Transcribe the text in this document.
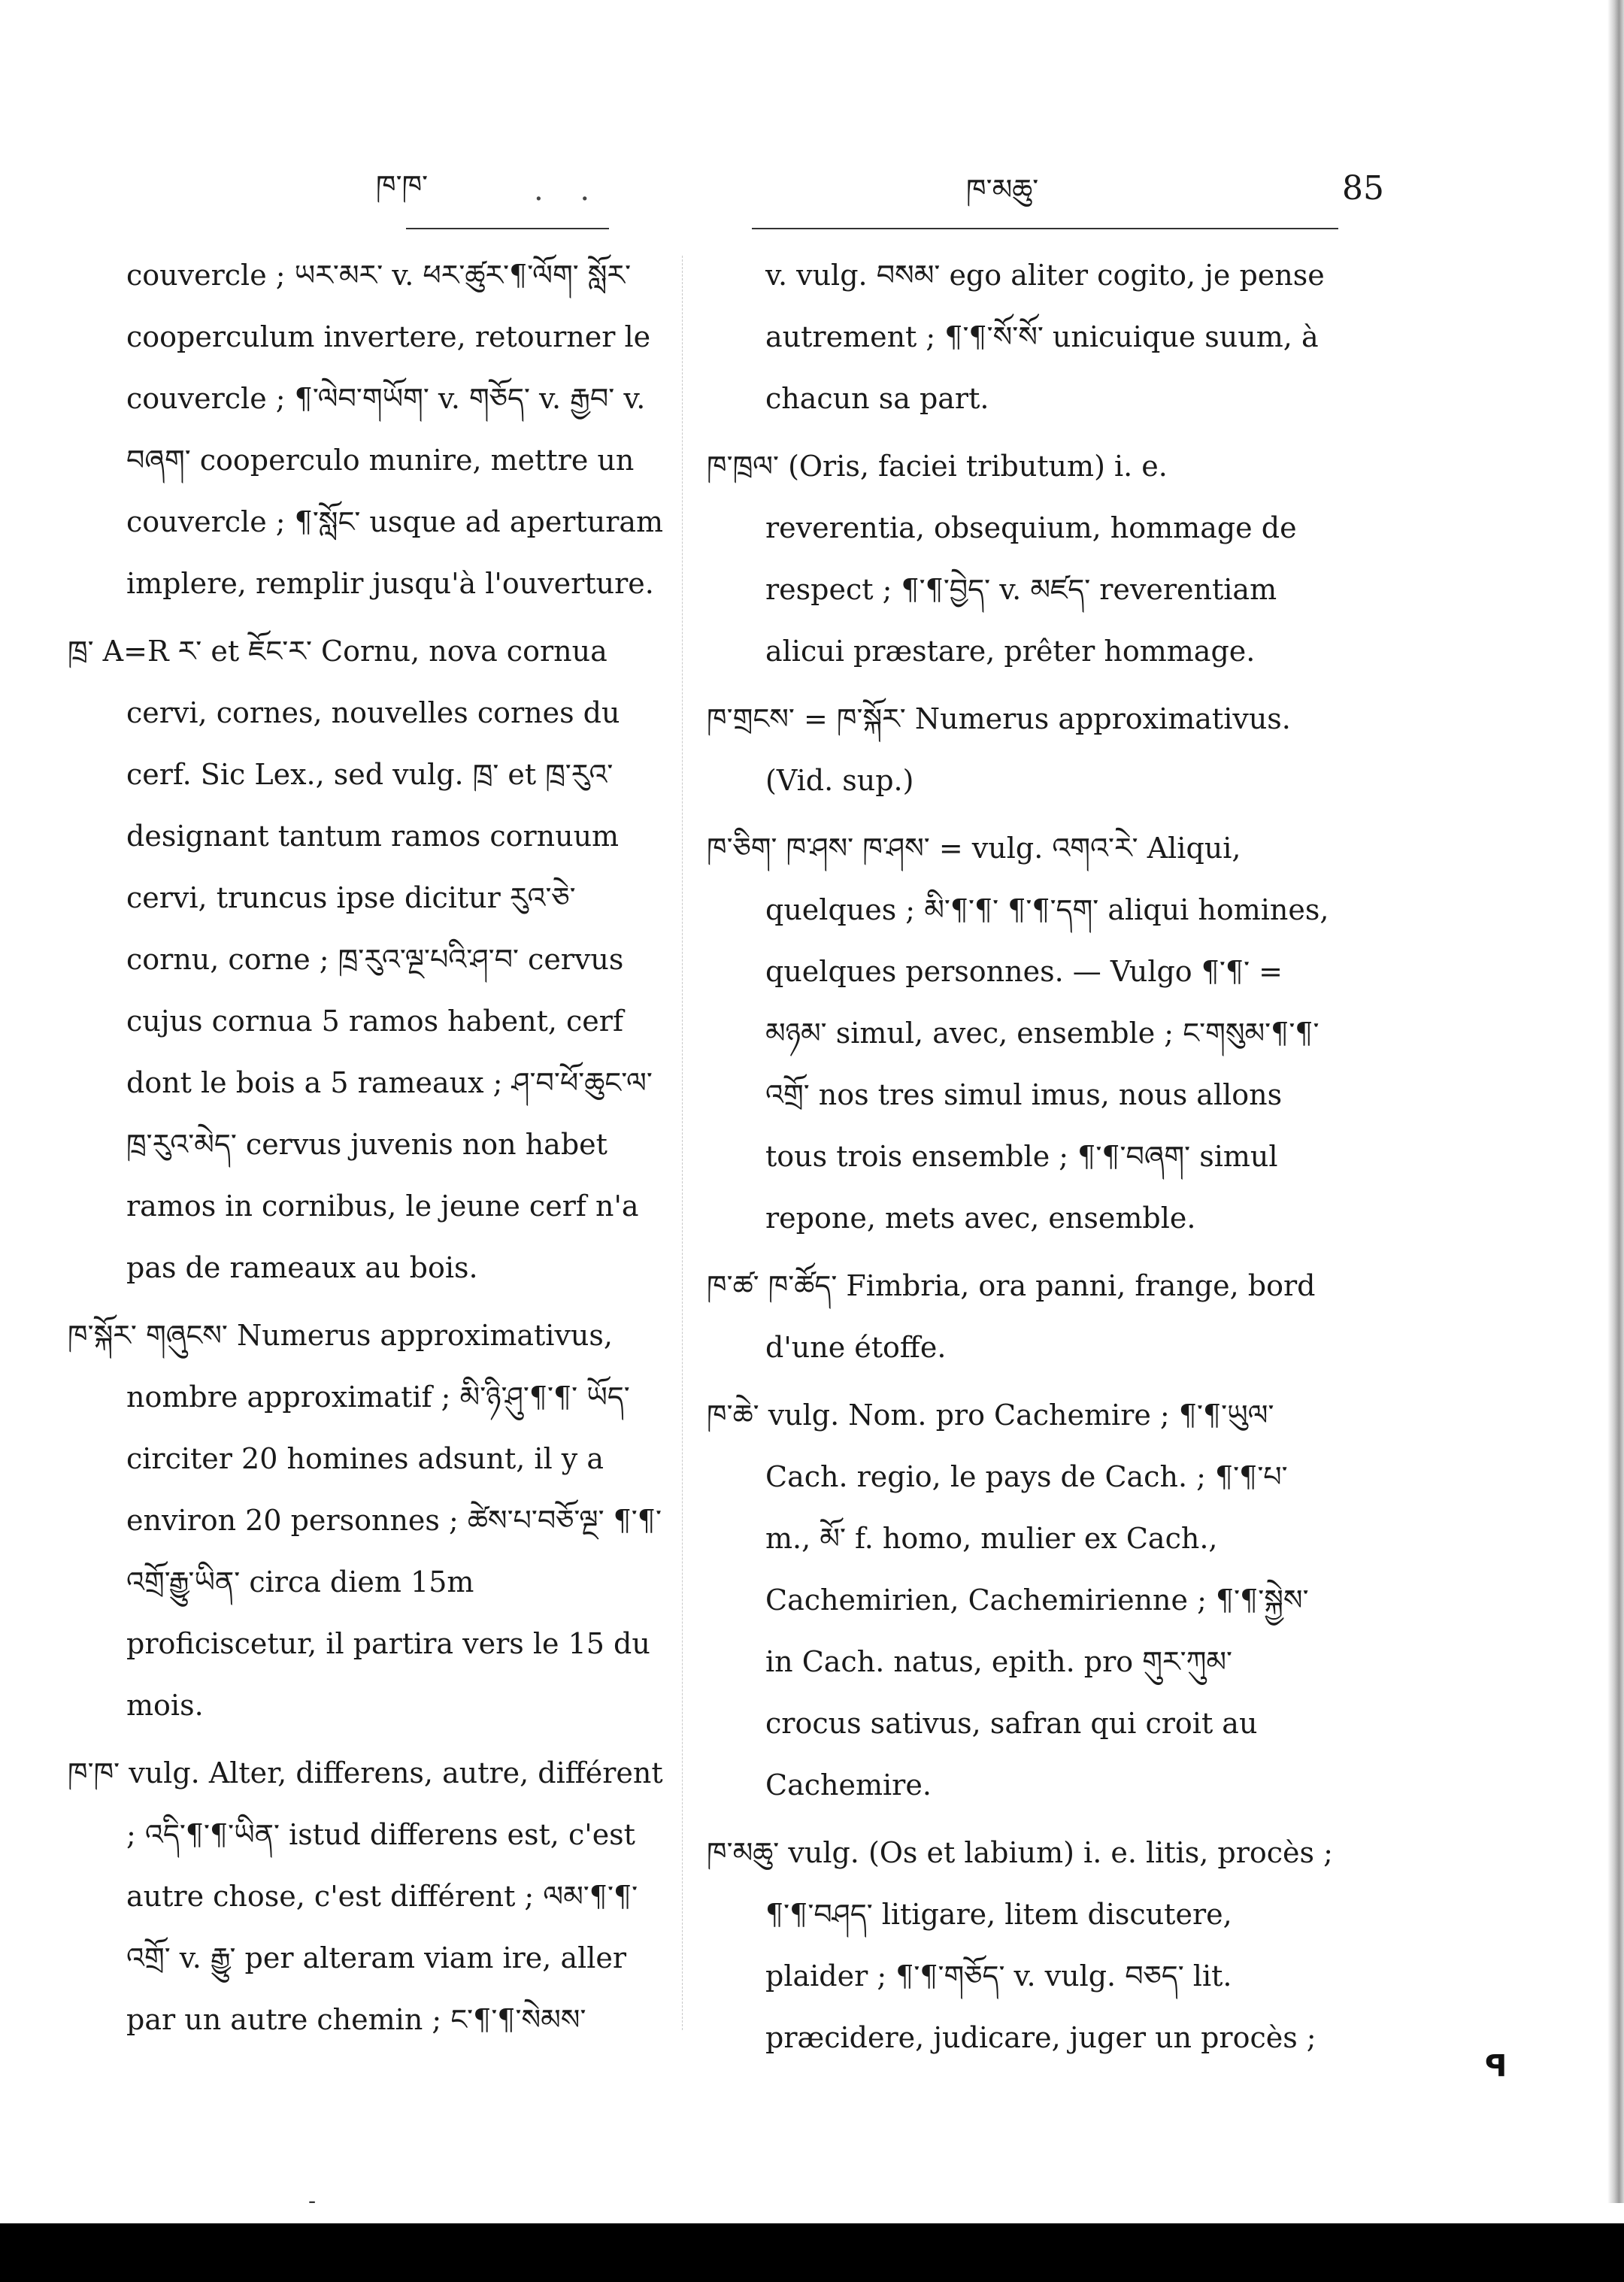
ཁ་ཁ་	. .	ཁ་མཆུ་	85

couvercle ; ཡར་མར་ v. ཕར་ཚུར་¶་ལོག་ སློར་ cooperculum invertere, retourner le couvercle ; ¶་ལེབ་གཡོག་ v. གཅོད་ v. རྒྱབ་ v. བཞག་ cooperculo munire, mettre un couvercle ; ¶་སློང་ usque ad aperturam implere, remplir jusqu'à l'ouverture.

ཁྲ་ A=R ར་ et ཇོང་ར་ Cornu, nova cornua cervi, cornes, nouvelles cornes du cerf. Sic Lex., sed vulg. ཁྲ་ et ཁྲ་རུའ་ designant tantum ramos cornuum cervi, truncus ipse dicitur རུའ་ཅེ་ cornu, corne ; ཁྲ་རུའ་ལྔ་པའི་ཤ་བ་ cervus cujus cornua 5 ramos habent, cerf dont le bois a 5 rameaux ; ཤ་བ་ཕོ་ཆུང་ལ་ཁྲ་རུའ་མེད་ cervus juvenis non habet ramos in cornibus, le jeune cerf n'a pas de rameaux au bois.

ཁ་སྐོར་ གཞུངས་ Numerus approximativus, nombre approximatif ; མི་ཉི་ཤུ་¶་¶་ ཡོད་ circiter 20 homines adsunt, il y a environ 20 personnes ; ཚེས་པ་བཅོ་ལྔ་ ¶་¶་འགྲོ་རྒྱུ་ཡིན་ circa diem 15m proficiscetur, il partira vers le 15 du mois.

ཁ་ཁ་ vulg. Alter, differens, autre, différent ; འདི་¶་¶་ཡིན་ istud differens est, c'est autre chose, c'est différent ; ལམ་¶་¶་ འགྲོ་ v. རྒྱུ་ per alteram viam ire, aller par un autre chemin ; ང་¶་¶་སེམས་

v. vulg. བསམ་ ego aliter cogito, je pense autrement ; ¶་¶་སོ་སོ་ unicuique suum, à chacun sa part.

ཁ་ཁྲལ་ (Oris, faciei tributum) i. e. reverentia, obsequium, hommage de respect ; ¶་¶་བྱེད་ v. མཛད་ reverentiam alicui præstare, prêter hommage.

ཁ་གྲངས་ = ཁ་སྐོར་ Numerus approximativus. (Vid. sup.)

ཁ་ཅིག་ ཁ་ཤས་ ཁ་ཤས་ = vulg. འགའ་རེ་ Aliqui, quelques ; མི་¶་¶་ ¶་¶་དག་ aliqui homines, quelques personnes. — Vulgo ¶་¶་ = མཉམ་ simul, avec, ensemble ; ང་གསུམ་¶་¶་འགྲོ་ nos tres simul imus, nous allons tous trois ensemble ; ¶་¶་བཞག་ simul repone, mets avec, ensemble.

ཁ་ཚ་ ཁ་ཚོད་ Fimbria, ora panni, frange, bord d'une étoffe.

ཁ་ཆེ་ vulg. Nom. pro Cachemire ; ¶་¶་ཡུལ་ Cach. regio, le pays de Cach. ; ¶་¶་པ་ m., མོ་ f. homo, mulier ex Cach., Cachemirien, Cachemirienne ; ¶་¶་སྐྱེས་ in Cach. natus, epith. pro གུར་ཀུམ་ crocus sativus, safran qui croit au Cachemire.

ཁ་མཆུ་ vulg. (Os et labium) i. e. litis, procès ; ¶་¶་བཤད་ litigare, litem discutere, plaider ; ¶་¶་གཅོད་ v. vulg. བཅད་ lit. præcidere, judicare, juger un procès ;

ꟼ
-
